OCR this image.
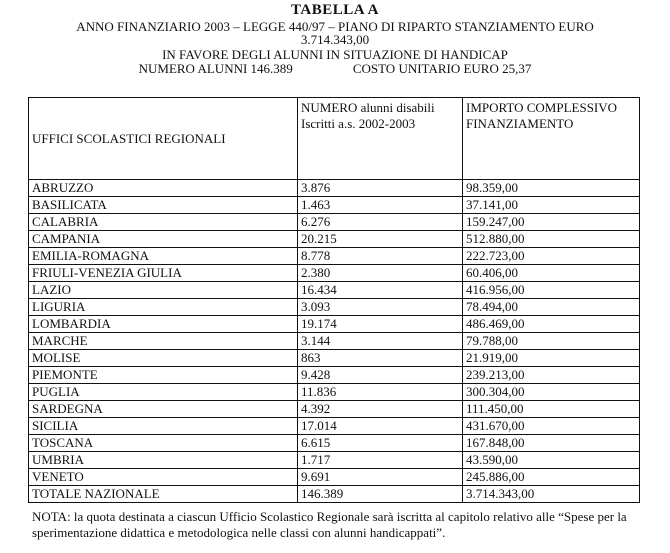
TABELLA A
ANNO FINANZIARIO 2003 – LEGGE 440/97 – PIANO DI RIPARTO STANZIAMENTO EURO
3.714.343,00
IN FAVORE DEGLI ALUNNI IN SITUAZIONE DI HANDICAP
NUMERO ALUNNI 146.389	COSTO UNITARIO EURO 25,37
UFFICI SCOLASTICI REGIONALI	NUMERO alunni disabili Iscritti a.s. 2002-2003	IMPORTO COMPLESSIVO FINANZIAMENTO
ABRUZZO	3.876	98.359,00
BASILICATA	1.463	37.141,00
CALABRIA	6.276	159.247,00
CAMPANIA	20.215	512.880,00
EMILIA-ROMAGNA	8.778	222.723,00
FRIULI-VENEZIA GIULIA	2.380	60.406,00
LAZIO	16.434	416.956,00
LIGURIA	3.093	78.494,00
LOMBARDIA	19.174	486.469,00
MARCHE	3.144	79.788,00
MOLISE	863	21.919,00
PIEMONTE	9.428	239.213,00
PUGLIA	11.836	300.304,00
SARDEGNA	4.392	111.450,00
SICILIA	17.014	431.670,00
TOSCANA	6.615	167.848,00
UMBRIA	1.717	43.590,00
VENETO	9.691	245.886,00
TOTALE NAZIONALE	146.389	3.714.343,00
NOTA: la quota destinata a ciascun Ufficio Scolastico Regionale sarà iscritta al capitolo relativo alle “Spese per la sperimentazione didattica e metodologica nelle classi con alunni handicappati”.
